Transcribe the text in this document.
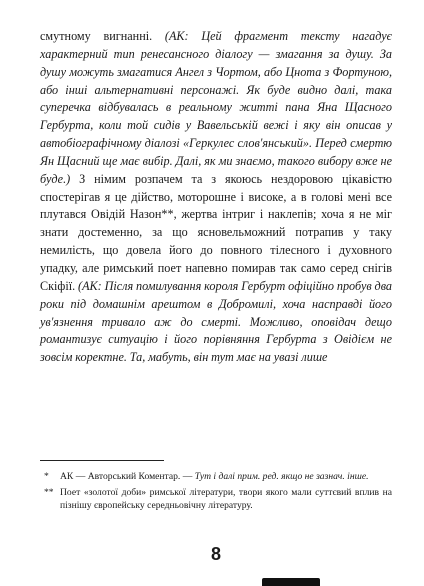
смутному вигнанні. (АК: Цей фрагмент тексту нагадує характерний тип ренесансного діалогу — змагання за душу. За душу можуть змагатися Ангел з Чортом, або Цнота з Фортуною, або інші альтернативні персонажі. Як буде видно далі, така суперечка відбувалась в реальному житті пана Яна Щасного Гербурта, коли той сидів у Вавельській вежі і яку він описав у автобіографічному діалозі «Геркулес слов'янський». Перед смертю Ян Щасний ще має вибір. Далі, як ми знаємо, такого вибору вже не буде.) З німим розпачем та з якоюсь нездоровою цікавістю спостерігав я це дійство, моторошне і високе, а в голові мені все плутався Овідій Назон**, жертва інтриг і наклепів; хоча я не міг знати достеменно, за що ясновельможний потрапив у таку немилість, що довела його до повного тілесного і духовного упадку, але римський поет напевно помирав так само серед снігів Скіфії. (АК: Після помилування короля Гербурт офіційно пробув два роки під домашнім арештом в Добромилі, хоча насправді його ув'язнення тривало аж до смерті. Можливо, оповідач дещо романтизує ситуацію і його порівняння Гербурта з Овідієм не зовсім коректне. Та, мабуть, він тут має на увазі лише

*	АК — Авторський Коментар. — Тут і далі прим. ред. якщо не зазнач. інше.
** Поет «золотої доби» римської літератури, твори якого мали суттєвий вплив на пізнішу європейську середньовічну літературу.
8
